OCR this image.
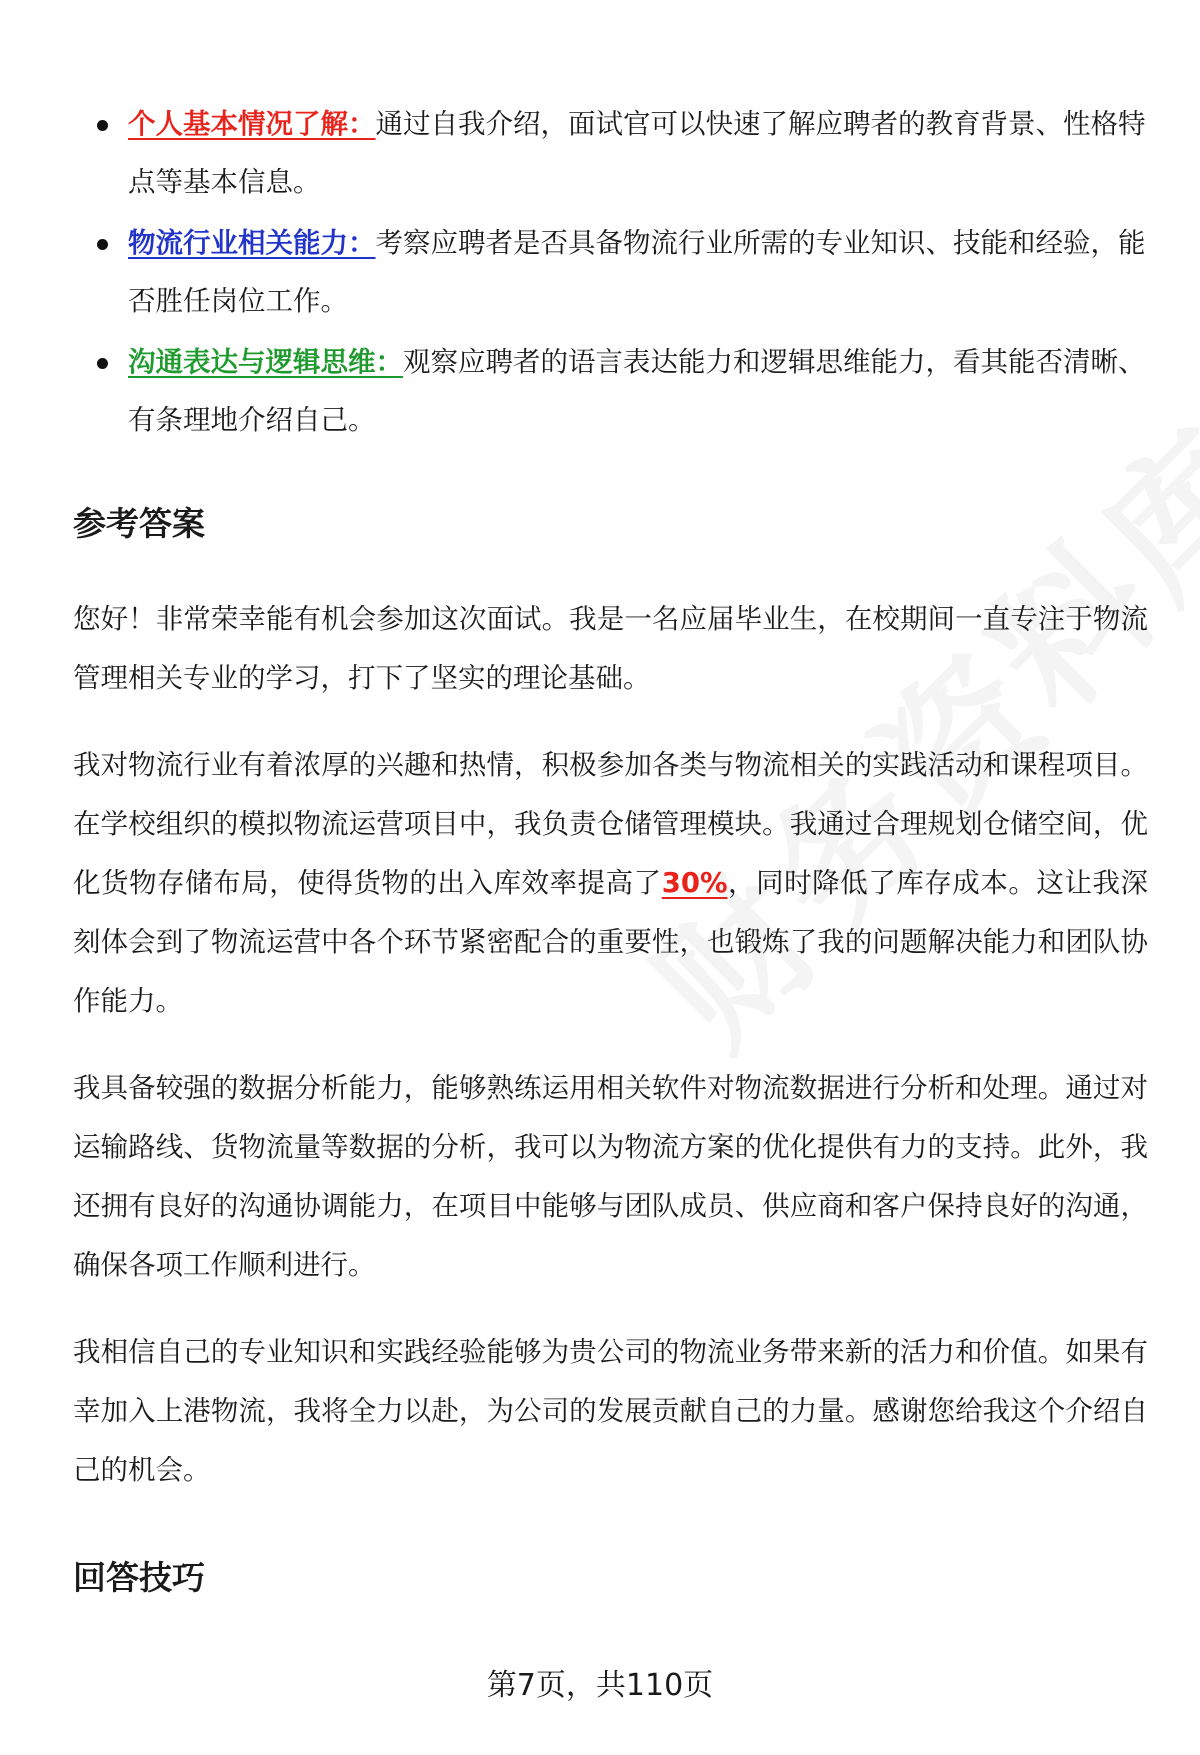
个人基本情况了解：通过自我介绍，面试官可以快速了解应聘者的教育背景、性格特点等基本信息。
物流行业相关能力：考察应聘者是否具备物流行业所需的专业知识、技能和经验，能否胜任岗位工作。
沟通表达与逻辑思维：观察应聘者的语言表达能力和逻辑思维能力，看其能否清晰、有条理地介绍自己。
参考答案

您好！非常荣幸能有机会参加这次面试。我是一名应届毕业生，在校期间一直专注于物流管理相关专业的学习，打下了坚实的理论基础。

我对物流行业有着浓厚的兴趣和热情，积极参加各类与物流相关的实践活动和课程项目。在学校组织的模拟物流运营项目中，我负责仓储管理模块。我通过合理规划仓储空间，优化货物存储布局，使得货物的出入库效率提高了30%，同时降低了库存成本。这让我深刻体会到了物流运营中各个环节紧密配合的重要性，也锻炼了我的问题解决能力和团队协作能力。

我具备较强的数据分析能力，能够熟练运用相关软件对物流数据进行分析和处理。通过对运输路线、货物流量等数据的分析，我可以为物流方案的优化提供有力的支持。此外，我还拥有良好的沟通协调能力，在项目中能够与团队成员、供应商和客户保持良好的沟通，确保各项工作顺利进行。

我相信自己的专业知识和实践经验能够为贵公司的物流业务带来新的活力和价值。如果有幸加入上港物流，我将全力以赴，为公司的发展贡献自己的力量。感谢您给我这个介绍自己的机会。

回答技巧
第7页，共110页
